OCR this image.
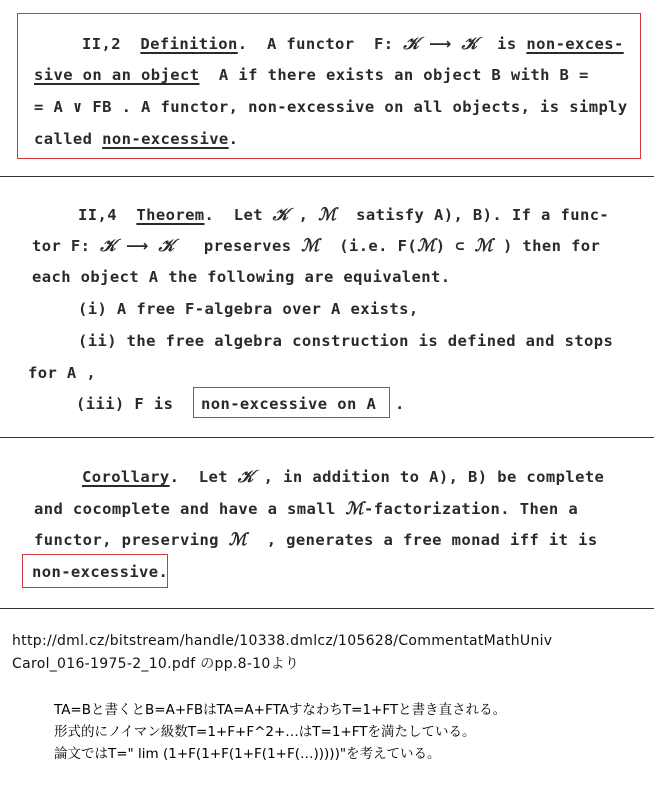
II,2 Definition. A functor F: 𝒦 ⟶ 𝒦 is non-exces-
sive on an object A if there exists an object B with B =
= A ∨ FB . A functor, non-excessive on all objects, is simply
called non-excessive.
II,4 Theorem. Let 𝒦 , ℳ satisfy A), B). If a func-
tor F: 𝒦 ⟶ 𝒦 preserves ℳ (i.e. F(ℳ) ⊂ ℳ ) then for
each object A the following are equivalent.
(i) A free F-algebra over A exists,
(ii) the free algebra construction is defined and stops
for A ,
(iii) F is non-excessive on A .
Corollary. Let 𝒦 , in addition to A), B) be complete
and cocomplete and have a small ℳ-factorization. Then a
functor, preserving ℳ , generates a free monad iff it is
non-excessive.
http://dml.cz/bitstream/handle/10338.dmlcz/105628/CommentatMathUniv
Carol_016-1975-2_10.pdf のpp.8-10より
TA=Bと書くとB=A+FBはTA=A+FTAすなわちT=1+FTと書き直される。
形式的にノイマン級数T=1+F+F^2+…はT=1+FTを満たしている。
論文ではT=" lim (1+F(1+F(1+F(1+F(…)))))"を考えている。
